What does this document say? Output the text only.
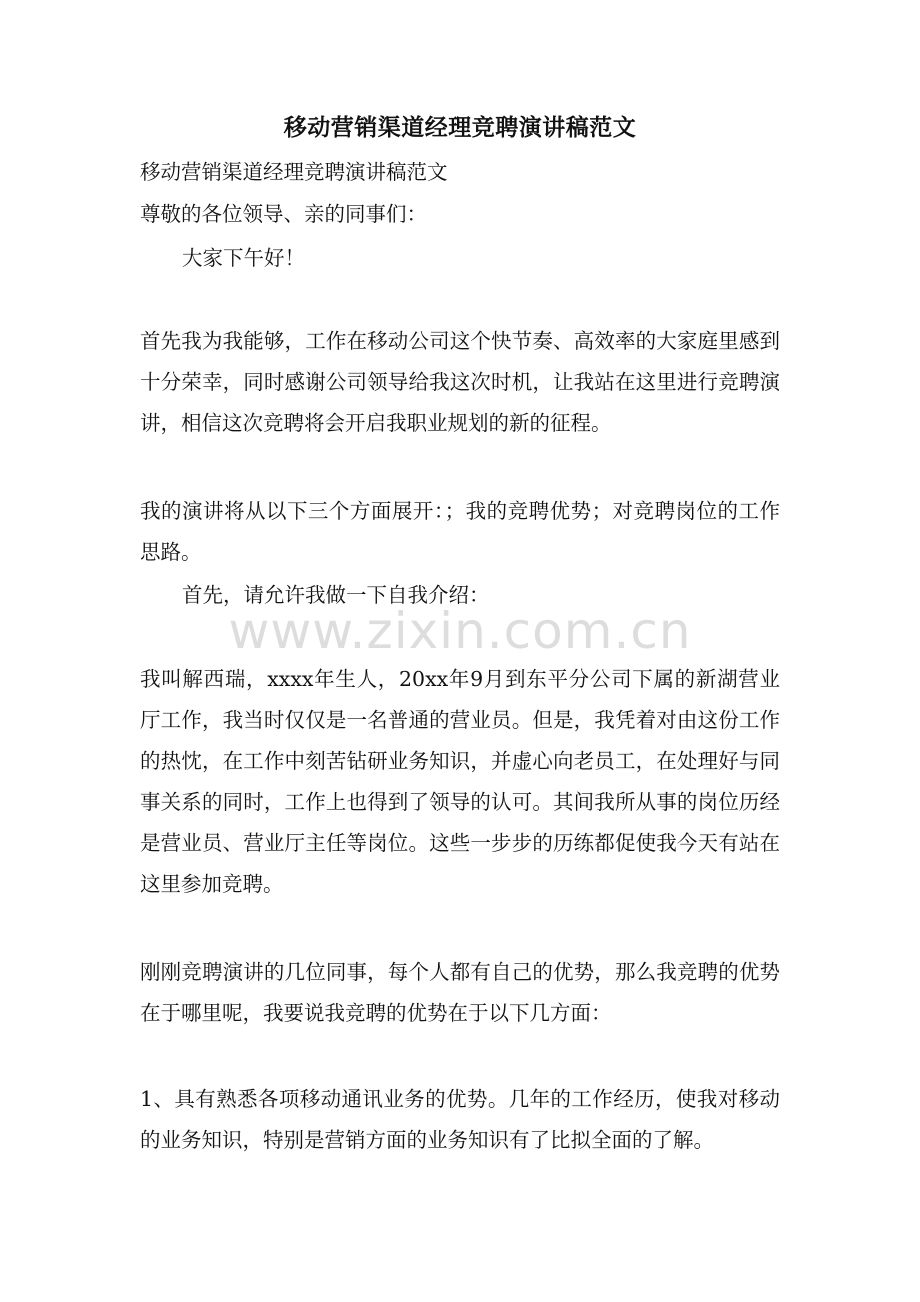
移动营销渠道经理竞聘演讲稿范文
移动营销渠道经理竞聘演讲稿范文
尊敬的各位领导、亲的同事们：
大家下午好！
首先我为我能够，工作在移动公司这个快节奏、高效率的大家庭里感到十分荣幸，同时感谢公司领导给我这次时机，让我站在这里进行竞聘演讲，相信这次竞聘将会开启我职业规划的新的征程。
我的演讲将从以下三个方面展开：；我的竞聘优势；对竞聘岗位的工作思路。
首先，请允许我做一下自我介绍：
我叫解西瑞，xxxx年生人，20xx年9月到东平分公司下属的新湖营业厅工作，我当时仅仅是一名普通的营业员。但是，我凭着对由这份工作的热忱，在工作中刻苦钻研业务知识，并虚心向老员工，在处理好与同事关系的同时，工作上也得到了领导的认可。其间我所从事的岗位历经是营业员、营业厅主任等岗位。这些一步步的历练都促使我今天有站在这里参加竞聘。
刚刚竞聘演讲的几位同事，每个人都有自己的优势，那么我竞聘的优势在于哪里呢，我要说我竞聘的优势在于以下几方面：
1、具有熟悉各项移动通讯业务的优势。几年的工作经历，使我对移动的业务知识，特别是营销方面的业务知识有了比拟全面的了解。
www.zixin.com.cn
